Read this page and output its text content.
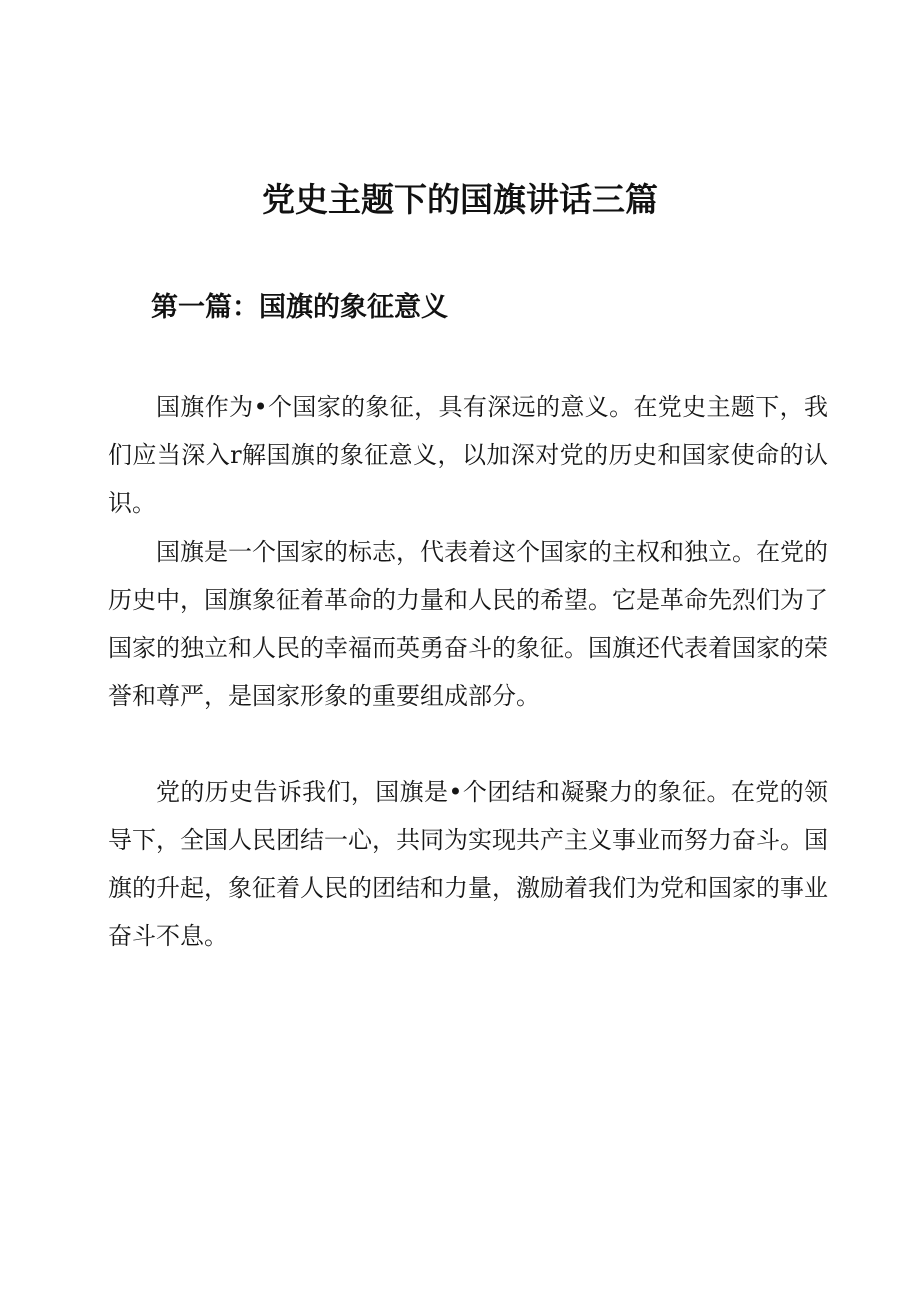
党史主题下的国旗讲话三篇
第一篇：国旗的象征意义

国旗作为•个国家的象征，具有深远的意义。在党史主题下，我们应当深入r解国旗的象征意义，以加深对党的历史和国家使命的认识。

国旗是一个国家的标志，代表着这个国家的主权和独立。在党的历史中，国旗象征着革命的力量和人民的希望。它是革命先烈们为了国家的独立和人民的幸福而英勇奋斗的象征。国旗还代表着国家的荣誉和尊严，是国家形象的重要组成部分。

党的历史告诉我们，国旗是•个团结和凝聚力的象征。在党的领导下，全国人民团结一心，共同为实现共产主义事业而努力奋斗。国旗的升起，象征着人民的团结和力量，激励着我们为党和国家的事业奋斗不息。
